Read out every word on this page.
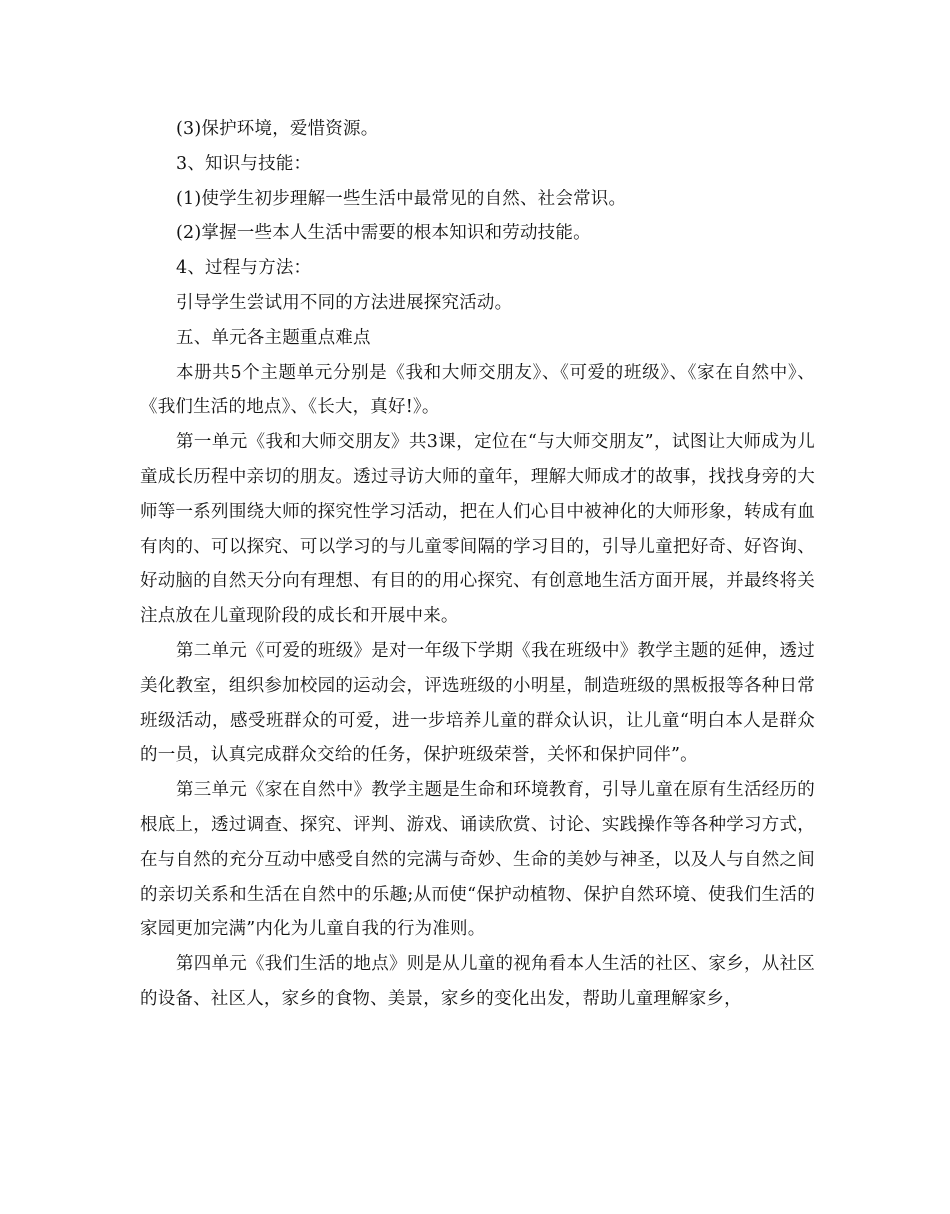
(3)保护环境，爱惜资源。

3、知识与技能：

(1)使学生初步理解一些生活中最常见的自然、社会常识。

(2)掌握一些本人生活中需要的根本知识和劳动技能。

4、过程与方法：

引导学生尝试用不同的方法进展探究活动。

五、单元各主题重点难点

本册共5个主题单元分别是《我和大师交朋友》、《可爱的班级》、《家在自然中》、《我们生活的地点》、《长大，真好!》。

第一单元《我和大师交朋友》共3课，定位在“与大师交朋友”，试图让大师成为儿童成长历程中亲切的朋友。透过寻访大师的童年，理解大师成才的故事，找找身旁的大师等一系列围绕大师的探究性学习活动，把在人们心目中被神化的大师形象，转成有血有肉的、可以探究、可以学习的与儿童零间隔的学习目的，引导儿童把好奇、好咨询、好动脑的自然天分向有理想、有目的的用心探究、有创意地生活方面开展，并最终将关注点放在儿童现阶段的成长和开展中来。

第二单元《可爱的班级》是对一年级下学期《我在班级中》教学主题的延伸，透过美化教室，组织参加校园的运动会，评选班级的小明星，制造班级的黑板报等各种日常班级活动，感受班群众的可爱，进一步培养儿童的群众认识，让儿童“明白本人是群众的一员，认真完成群众交给的任务，保护班级荣誉，关怀和保护同伴”。

第三单元《家在自然中》教学主题是生命和环境教育，引导儿童在原有生活经历的根底上，透过调查、探究、评判、游戏、诵读欣赏、讨论、实践操作等各种学习方式，在与自然的充分互动中感受自然的完满与奇妙、生命的美妙与神圣，以及人与自然之间的亲切关系和生活在自然中的乐趣;从而使“保护动植物、保护自然环境、使我们生活的家园更加完满”内化为儿童自我的行为准则。

第四单元《我们生活的地点》则是从儿童的视角看本人生活的社区、家乡，从社区的设备、社区人，家乡的食物、美景，家乡的变化出发，帮助儿童理解家乡，
